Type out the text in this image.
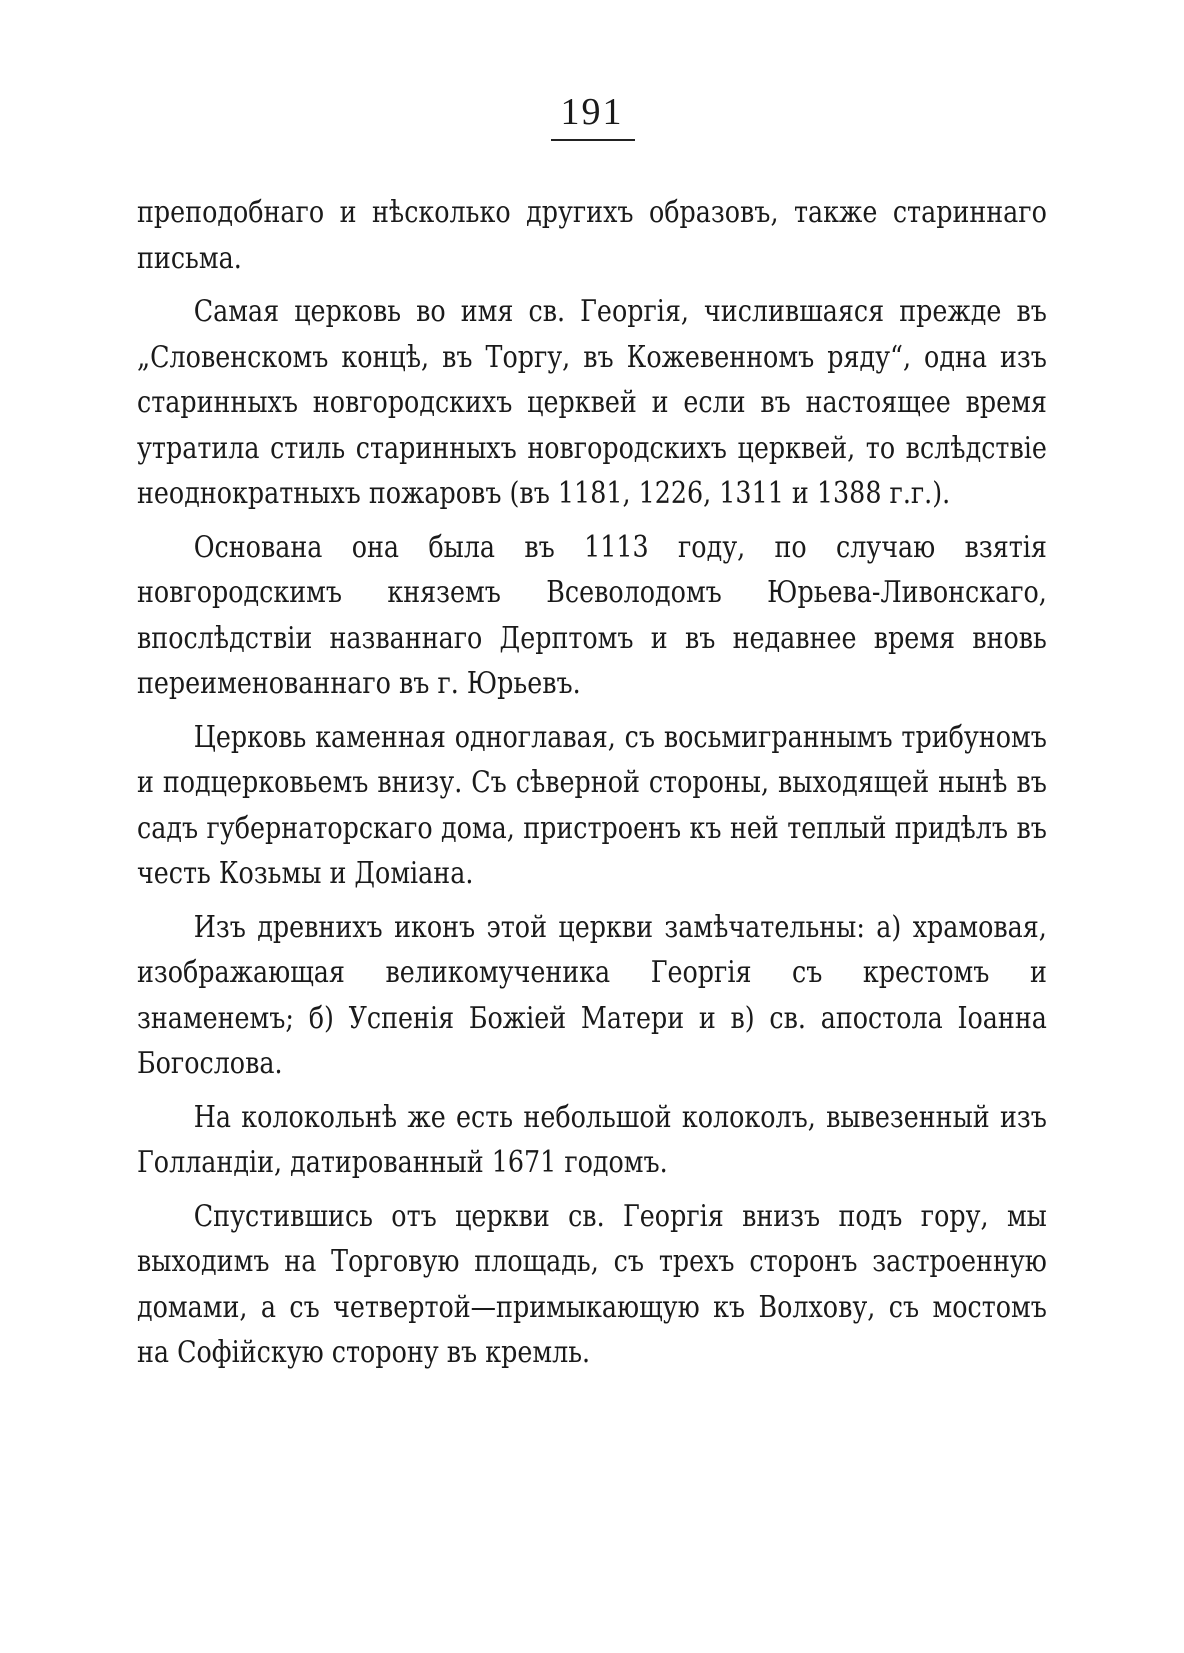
191

преподобнаго и нѣсколько другихъ образовъ, также стариннаго письма.

Самая церковь во имя св. Георгія, числившаяся прежде въ „Словенскомъ концѣ, въ Торгу, въ Кожевенномъ ряду“, одна изъ старинныхъ новгородскихъ церквей и если въ настоящее время утратила стиль старинныхъ новгородскихъ церквей, то вслѣдствіе неоднократныхъ пожаровъ (въ 1181, 1226, 1311 и 1388 г.г.).

Основана она была въ 1113 году, по случаю взятія новгородскимъ княземъ Всеволодомъ Юрьева-Ливонскаго, впослѣдствіи названнаго Дерптомъ и въ недавнее время вновь переименованнаго въ г. Юрьевъ.

Церковь каменная одноглавая, съ восьмиграннымъ трибуномъ и подцерковьемъ внизу. Съ сѣверной стороны, выходящей нынѣ въ садъ губернаторскаго дома, пристроенъ къ ней теплый придѣлъ въ честь Козьмы и Доміана.

Изъ древнихъ иконъ этой церкви замѣчательны: а) храмовая, изображающая великомученика Георгія съ крестомъ и знаменемъ; б) Успенія Божіей Матери и в) св. апостола Іоанна Богослова.

На колокольнѣ же есть небольшой колоколъ, вывезенный изъ Голландіи, датированный 1671 годомъ.

Спустившись отъ церкви св. Георгія внизъ подъ гору, мы выходимъ на Торговую площадь, съ трехъ сторонъ застроенную домами, а съ четвертой—примыкающую къ Волхову, съ мостомъ на Софійскую сторону въ кремль.
